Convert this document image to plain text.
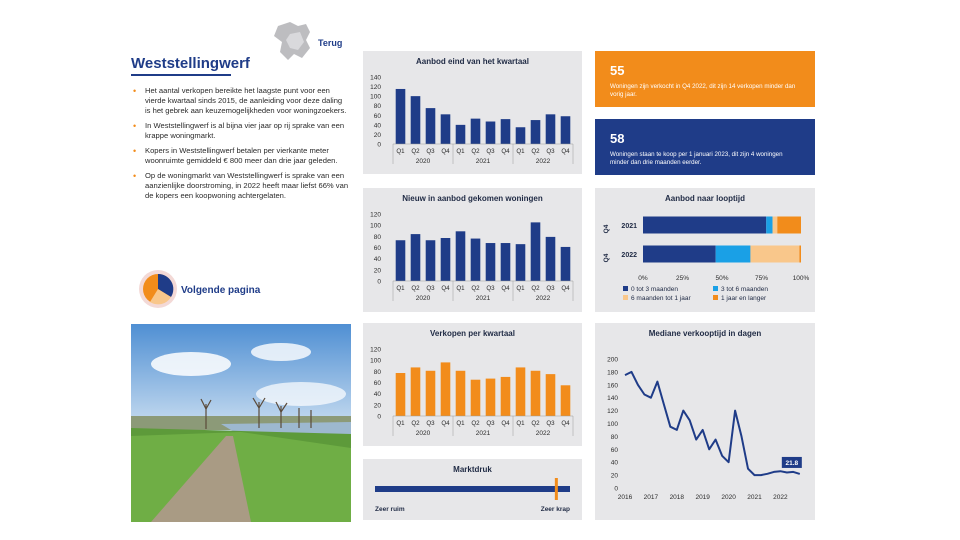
Terug
Weststellingwerf
• Het aantal verkopen bereikte het laagste punt voor een vierde kwartaal sinds 2015, de aanleiding voor deze daling is het gebrek aan keuzemogelijkheden voor woningzoekers.
• In Weststellingwerf is al bijna vier jaar op rij sprake van een krappe woningmarkt.
• Kopers in Weststellingwerf betalen per vierkante meter woonruimte gemiddeld € 800 meer dan drie jaar geleden.
• Op de woningmarkt van Weststellingwerf is sprake van een aanzienlijke doorstroming, in 2022 heeft maar liefst 66% van de kopers een koopwoning achtergelaten.
Volgende pagina
Aanbod eind van het kwartaal
0
20
40
60
80
100
120
140
Q1 Q2 Q3 Q4 Q1 Q2 Q3 Q4 Q1 Q2 Q3 Q4
2020	2021	2022
Nieuw in aanbod gekomen woningen
0
20
40
60
80
100
120
Q1 Q2 Q3 Q4 Q1 Q2 Q3 Q4 Q1 Q2 Q3 Q4
2020	2021	2022
Verkopen per kwartaal
0
20
40
60
80
100
120
Q1 Q2 Q3 Q4 Q1 Q2 Q3 Q4 Q1 Q2 Q3 Q4
2020	2021	2022
Marktdruk
Zeer ruim	Zeer krap
55
Woningen zijn verkocht in Q4 2022, dit zijn 14 verkopen minder dan vorig jaar.
58
Woningen staan te koop per 1 januari 2023, dit zijn 4 woningen minder dan drie maanden eerder.
Aanbod naar looptijd
2021
Q4
2022
Q4
0%	25%	50%	75%	100%
0 tot 3 maanden	3 tot 6 maanden
6 maanden tot 1 jaar	1 jaar en langer
Mediane verkooptijd in dagen
0
20
40
60
80
100
120
140
160
180
200
2016 2017 2018 2019 2020 2021 2022
21.8
